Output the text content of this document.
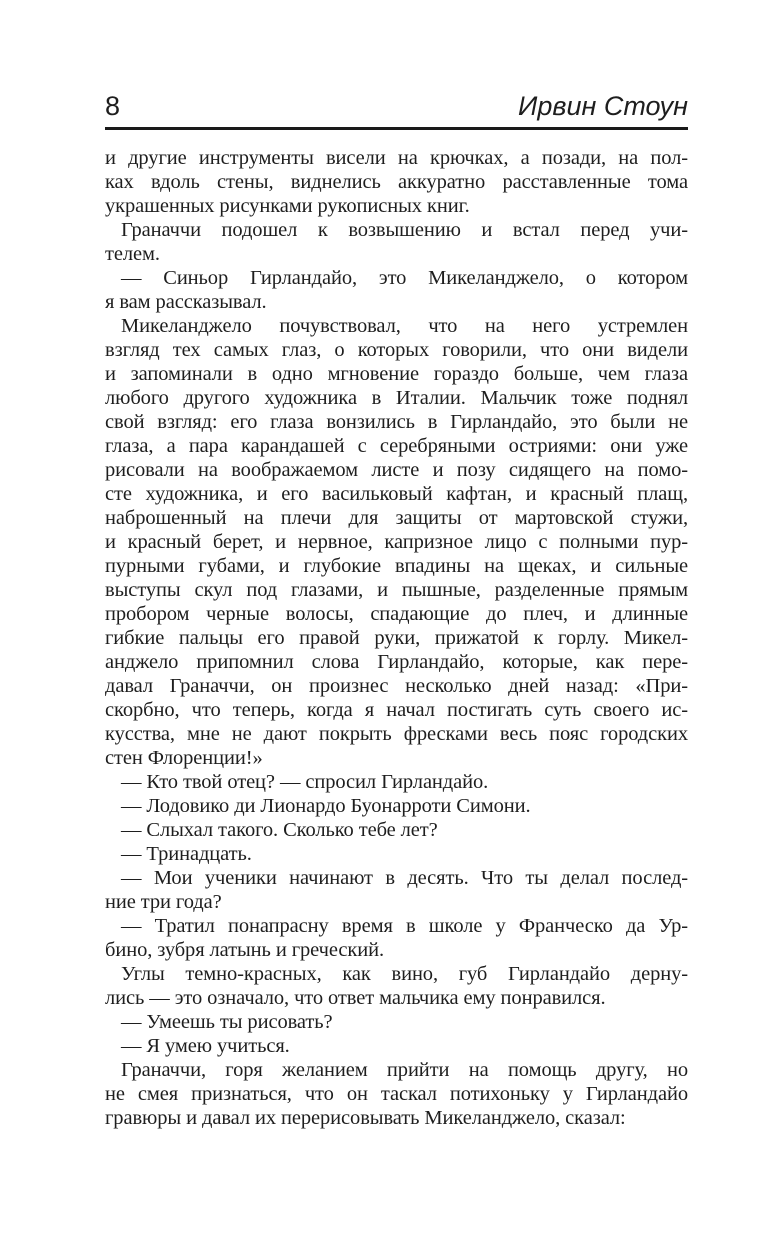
8	Ирвин Стоун
и другие инструменты висели на крючках, а позади, на пол-
ках вдоль стены, виднелись аккуратно расставленные тома
украшенных рисунками рукописных книг.
Граначчи подошел к возвышению и встал перед учи-
телем.
— Синьор Гирландайо, это Микеланджело, о котором
я вам рассказывал.
Микеланджело почувствовал, что на него устремлен
взгляд тех самых глаз, о которых говорили, что они видели
и запоминали в одно мгновение гораздо больше, чем глаза
любого другого художника в Италии. Мальчик тоже поднял
свой взгляд: его глаза вонзились в Гирландайо, это были не
глаза, а пара карандашей с серебряными остриями: они уже
рисовали на воображаемом листе и позу сидящего на помо-
сте художника, и его васильковый кафтан, и красный плащ,
наброшенный на плечи для защиты от мартовской стужи,
и красный берет, и нервное, капризное лицо с полными пур-
пурными губами, и глубокие впадины на щеках, и сильные
выступы скул под глазами, и пышные, разделенные прямым
пробором черные волосы, спадающие до плеч, и длинные
гибкие пальцы его правой руки, прижатой к горлу. Микел-
анджело припомнил слова Гирландайо, которые, как пере-
давал Граначчи, он произнес несколько дней назад: «При-
скорбно, что теперь, когда я начал постигать суть своего ис-
кусства, мне не дают покрыть фресками весь пояс городских
стен Флоренции!»
— Кто твой отец? — спросил Гирландайо.
— Лодовико ди Лионардо Буонарроти Симони.
— Слыхал такого. Сколько тебе лет?
— Тринадцать.
— Мои ученики начинают в десять. Что ты делал послед-
ние три года?
— Тратил понапрасну время в школе у Франческо да Ур-
бино, зубря латынь и греческий.
Углы темно-красных, как вино, губ Гирландайо дерну-
лись — это означало, что ответ мальчика ему понравился.
— Умеешь ты рисовать?
— Я умею учиться.
Граначчи, горя желанием прийти на помощь другу, но
не смея признаться, что он таскал потихоньку у Гирландайо
гравюры и давал их перерисовывать Микеланджело, сказал:
